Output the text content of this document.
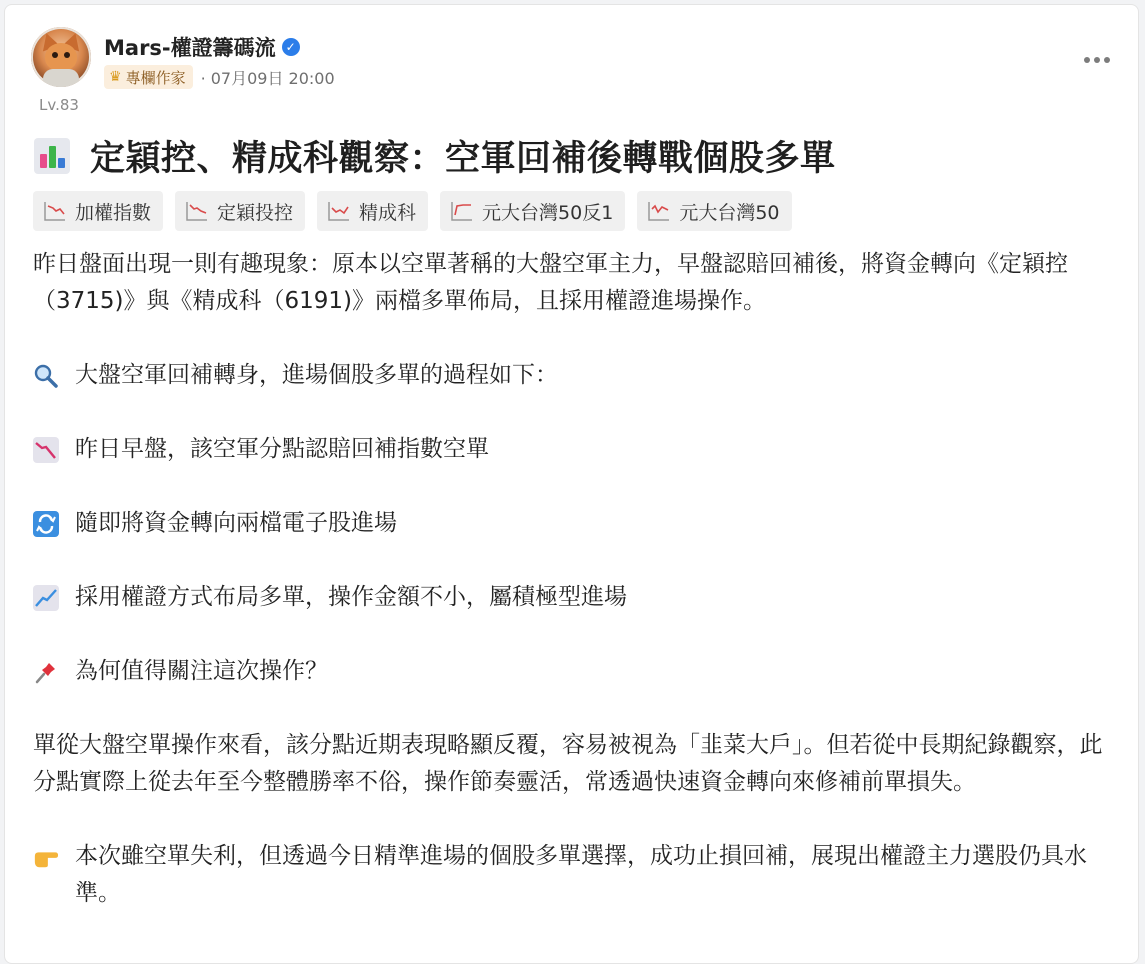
Lv.83
Mars-權證籌碼流 ✓
♛ 專欄作家 · 07月09日 20:00
定穎控、精成科觀察：空軍回補後轉戰個股多單
加權指數	定穎投控	精成科	元大台灣50反1	元大台灣50

昨日盤面出現一則有趣現象：原本以空單著稱的大盤空軍主力，早盤認賠回補後，將資金轉向《定穎控（3715)》與《精成科（6191)》兩檔多單佈局，且採用權證進場操作。

大盤空軍回補轉身，進場個股多單的過程如下：
昨日早盤，該空軍分點認賠回補指數空單
隨即將資金轉向兩檔電子股進場
採用權證方式布局多單，操作金額不小，屬積極型進場
為何值得關注這次操作？

單從大盤空單操作來看，該分點近期表現略顯反覆，容易被視為「韭菜大戶」。但若從中長期紀錄觀察，此分點實際上從去年至今整體勝率不俗，操作節奏靈活，常透過快速資金轉向來修補前單損失。

本次雖空單失利，但透過今日精準進場的個股多單選擇，成功止損回補，展現出權證主力選股仍具水準。
